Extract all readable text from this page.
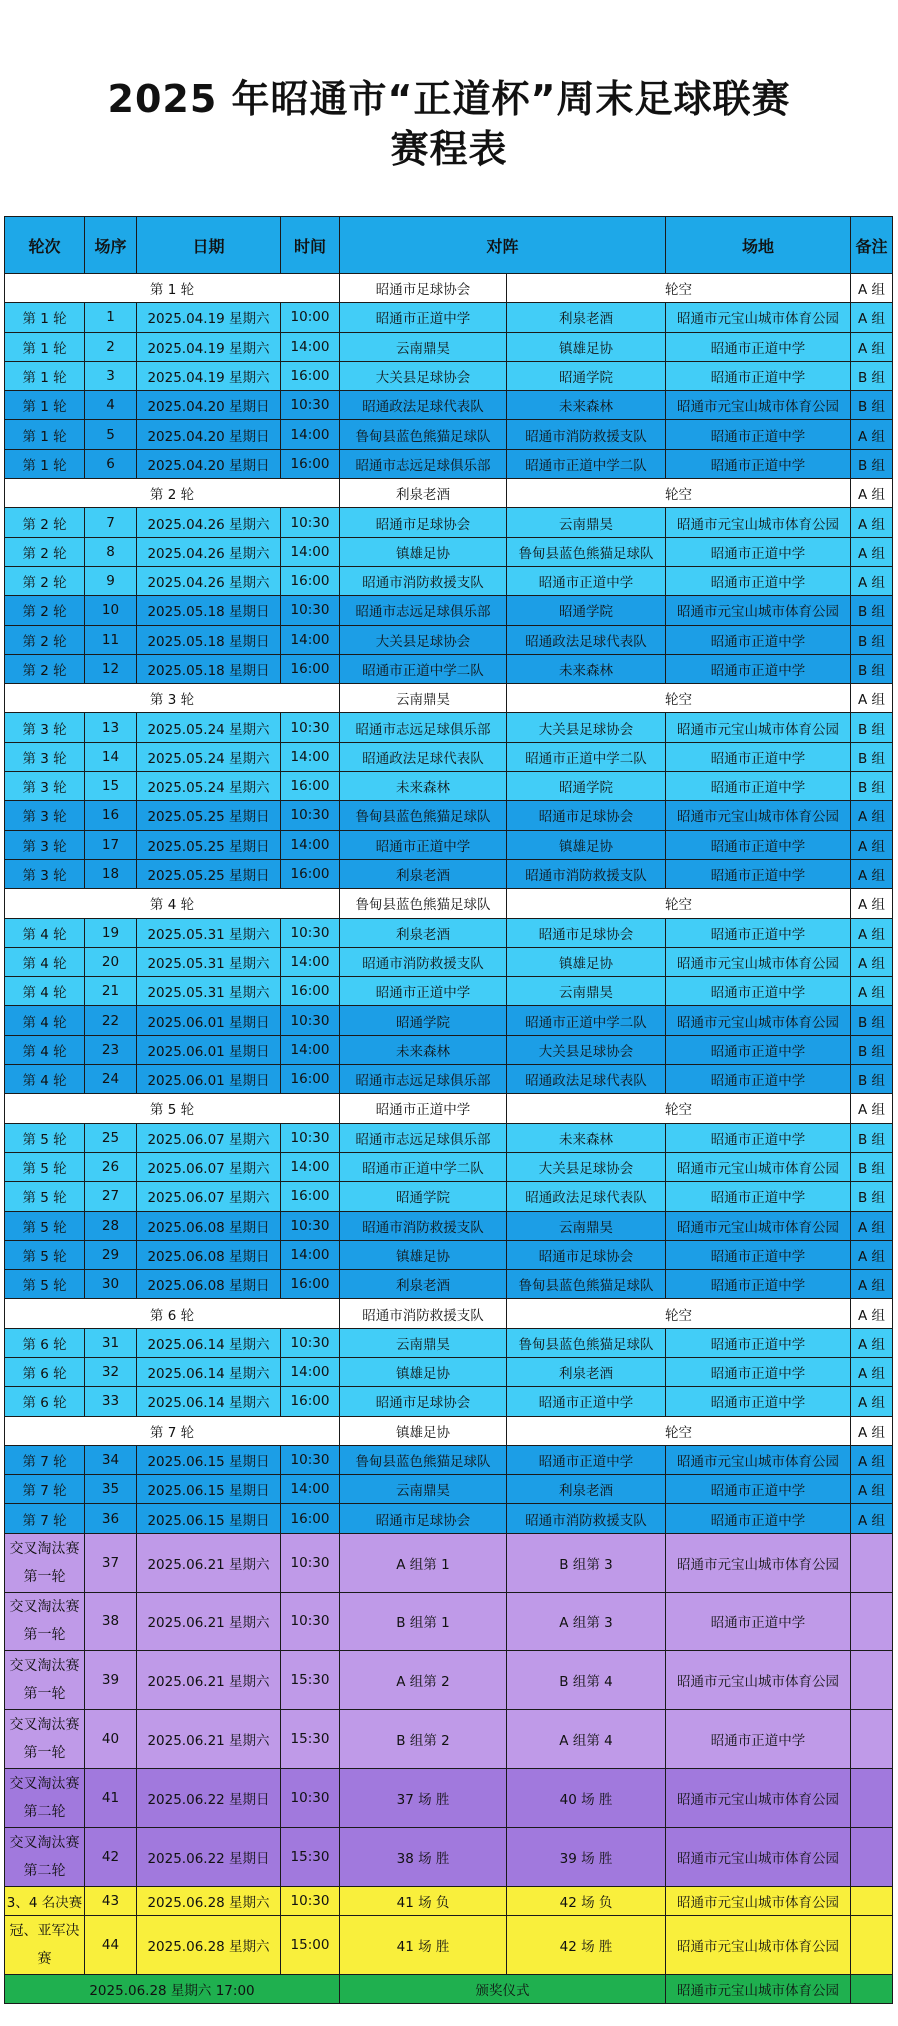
2025 年昭通市“正道杯”周末足球联赛
赛程表
轮次	场序	日期	时间	对阵		场地	备注
第 1 轮				昭通市足球协会	轮空		A 组
第 1 轮	1	2025.04.19 星期六	10:00	昭通市正道中学	利泉老酒	昭通市元宝山城市体育公园	A 组
第 1 轮	2	2025.04.19 星期六	14:00	云南鼎昊	镇雄足协	昭通市正道中学	A 组
第 1 轮	3	2025.04.19 星期六	16:00	大关县足球协会	昭通学院	昭通市正道中学	B 组
第 1 轮	4	2025.04.20 星期日	10:30	昭通政法足球代表队	未来森林	昭通市元宝山城市体育公园	B 组
第 1 轮	5	2025.04.20 星期日	14:00	鲁甸县蓝色熊猫足球队	昭通市消防救援支队	昭通市正道中学	A 组
第 1 轮	6	2025.04.20 星期日	16:00	昭通市志远足球俱乐部	昭通市正道中学二队	昭通市正道中学	B 组
第 2 轮				利泉老酒	轮空		A 组
第 2 轮	7	2025.04.26 星期六	10:30	昭通市足球协会	云南鼎昊	昭通市元宝山城市体育公园	A 组
第 2 轮	8	2025.04.26 星期六	14:00	镇雄足协	鲁甸县蓝色熊猫足球队	昭通市正道中学	A 组
第 2 轮	9	2025.04.26 星期六	16:00	昭通市消防救援支队	昭通市正道中学	昭通市正道中学	A 组
第 2 轮	10	2025.05.18 星期日	10:30	昭通市志远足球俱乐部	昭通学院	昭通市元宝山城市体育公园	B 组
第 2 轮	11	2025.05.18 星期日	14:00	大关县足球协会	昭通政法足球代表队	昭通市正道中学	B 组
第 2 轮	12	2025.05.18 星期日	16:00	昭通市正道中学二队	未来森林	昭通市正道中学	B 组
第 3 轮				云南鼎昊	轮空		A 组
第 3 轮	13	2025.05.24 星期六	10:30	昭通市志远足球俱乐部	大关县足球协会	昭通市元宝山城市体育公园	B 组
第 3 轮	14	2025.05.24 星期六	14:00	昭通政法足球代表队	昭通市正道中学二队	昭通市正道中学	B 组
第 3 轮	15	2025.05.24 星期六	16:00	未来森林	昭通学院	昭通市正道中学	B 组
第 3 轮	16	2025.05.25 星期日	10:30	鲁甸县蓝色熊猫足球队	昭通市足球协会	昭通市元宝山城市体育公园	A 组
第 3 轮	17	2025.05.25 星期日	14:00	昭通市正道中学	镇雄足协	昭通市正道中学	A 组
第 3 轮	18	2025.05.25 星期日	16:00	利泉老酒	昭通市消防救援支队	昭通市正道中学	A 组
第 4 轮				鲁甸县蓝色熊猫足球队	轮空		A 组
第 4 轮	19	2025.05.31 星期六	10:30	利泉老酒	昭通市足球协会	昭通市正道中学	A 组
第 4 轮	20	2025.05.31 星期六	14:00	昭通市消防救援支队	镇雄足协	昭通市元宝山城市体育公园	A 组
第 4 轮	21	2025.05.31 星期六	16:00	昭通市正道中学	云南鼎昊	昭通市正道中学	A 组
第 4 轮	22	2025.06.01 星期日	10:30	昭通学院	昭通市正道中学二队	昭通市元宝山城市体育公园	B 组
第 4 轮	23	2025.06.01 星期日	14:00	未来森林	大关县足球协会	昭通市正道中学	B 组
第 4 轮	24	2025.06.01 星期日	16:00	昭通市志远足球俱乐部	昭通政法足球代表队	昭通市正道中学	B 组
第 5 轮				昭通市正道中学	轮空		A 组
第 5 轮	25	2025.06.07 星期六	10:30	昭通市志远足球俱乐部	未来森林	昭通市正道中学	B 组
第 5 轮	26	2025.06.07 星期六	14:00	昭通市正道中学二队	大关县足球协会	昭通市元宝山城市体育公园	B 组
第 5 轮	27	2025.06.07 星期六	16:00	昭通学院	昭通政法足球代表队	昭通市正道中学	B 组
第 5 轮	28	2025.06.08 星期日	10:30	昭通市消防救援支队	云南鼎昊	昭通市元宝山城市体育公园	A 组
第 5 轮	29	2025.06.08 星期日	14:00	镇雄足协	昭通市足球协会	昭通市正道中学	A 组
第 5 轮	30	2025.06.08 星期日	16:00	利泉老酒	鲁甸县蓝色熊猫足球队	昭通市正道中学	A 组
第 6 轮				昭通市消防救援支队	轮空		A 组
第 6 轮	31	2025.06.14 星期六	10:30	云南鼎昊	鲁甸县蓝色熊猫足球队	昭通市正道中学	A 组
第 6 轮	32	2025.06.14 星期六	14:00	镇雄足协	利泉老酒	昭通市正道中学	A 组
第 6 轮	33	2025.06.14 星期六	16:00	昭通市足球协会	昭通市正道中学	昭通市正道中学	A 组
第 7 轮				镇雄足协	轮空		A 组
第 7 轮	34	2025.06.15 星期日	10:30	鲁甸县蓝色熊猫足球队	昭通市正道中学	昭通市元宝山城市体育公园	A 组
第 7 轮	35	2025.06.15 星期日	14:00	云南鼎昊	利泉老酒	昭通市正道中学	A 组
第 7 轮	36	2025.06.15 星期日	16:00	昭通市足球协会	昭通市消防救援支队	昭通市正道中学	A 组
交叉淘汰赛第一轮	37	2025.06.21 星期六	10:30	A 组第 1	B 组第 3	昭通市元宝山城市体育公园	
交叉淘汰赛第一轮	38	2025.06.21 星期六	10:30	B 组第 1	A 组第 3	昭通市正道中学	
交叉淘汰赛第一轮	39	2025.06.21 星期六	15:30	A 组第 2	B 组第 4	昭通市元宝山城市体育公园	
交叉淘汰赛第一轮	40	2025.06.21 星期六	15:30	B 组第 2	A 组第 4	昭通市正道中学	
交叉淘汰赛第二轮	41	2025.06.22 星期日	10:30	37 场 胜	40 场 胜	昭通市元宝山城市体育公园	
交叉淘汰赛第二轮	42	2025.06.22 星期日	15:30	38 场 胜	39 场 胜	昭通市元宝山城市体育公园	
3、4 名决赛	43	2025.06.28 星期六	10:30	41 场 负	42 场 负	昭通市元宝山城市体育公园	
冠、亚军决赛	44	2025.06.28 星期六	15:00	41 场 胜	42 场 胜	昭通市元宝山城市体育公园	
2025.06.28 星期六 17:00				颁奖仪式		昭通市元宝山城市体育公园	
